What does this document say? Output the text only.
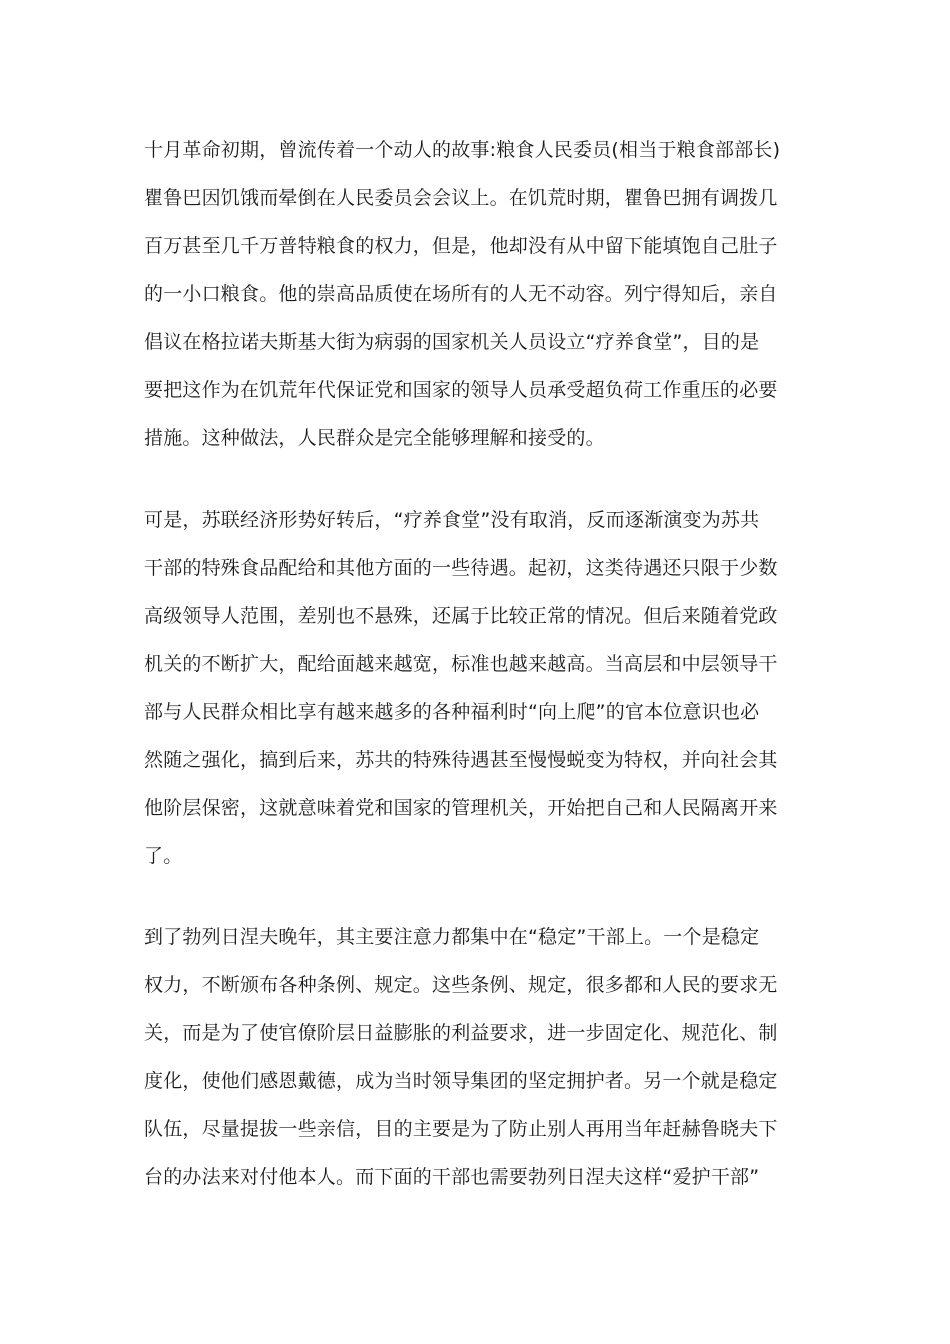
十月革命初期，曾流传着一个动人的故事:粮食人民委员(相当于粮食部部长)
瞿鲁巴因饥饿而晕倒在人民委员会会议上。在饥荒时期，瞿鲁巴拥有调拨几
百万甚至几千万普特粮食的权力，但是，他却没有从中留下能填饱自己肚子
的一小口粮食。他的崇高品质使在场所有的人无不动容。列宁得知后，亲自
倡议在格拉诺夫斯基大街为病弱的国家机关人员设立“疗养食堂”，目的是
要把这作为在饥荒年代保证党和国家的领导人员承受超负荷工作重压的必要
措施。这种做法，人民群众是完全能够理解和接受的。
可是，苏联经济形势好转后，“疗养食堂”没有取消，反而逐渐演变为苏共
干部的特殊食品配给和其他方面的一些待遇。起初，这类待遇还只限于少数
高级领导人范围，差别也不悬殊，还属于比较正常的情况。但后来随着党政
机关的不断扩大，配给面越来越宽，标准也越来越高。当高层和中层领导干
部与人民群众相比享有越来越多的各种福利时“向上爬”的官本位意识也必
然随之强化，搞到后来，苏共的特殊待遇甚至慢慢蜕变为特权，并向社会其
他阶层保密，这就意味着党和国家的管理机关，开始把自己和人民隔离开来
了。
到了勃列日涅夫晚年，其主要注意力都集中在“稳定”干部上。一个是稳定
权力，不断颁布各种条例、规定。这些条例、规定，很多都和人民的要求无
关，而是为了使官僚阶层日益膨胀的利益要求，进一步固定化、规范化、制
度化，使他们感恩戴德，成为当时领导集团的坚定拥护者。另一个就是稳定
队伍，尽量提拔一些亲信，目的主要是为了防止别人再用当年赶赫鲁晓夫下
台的办法来对付他本人。而下面的干部也需要勃列日涅夫这样“爱护干部”
